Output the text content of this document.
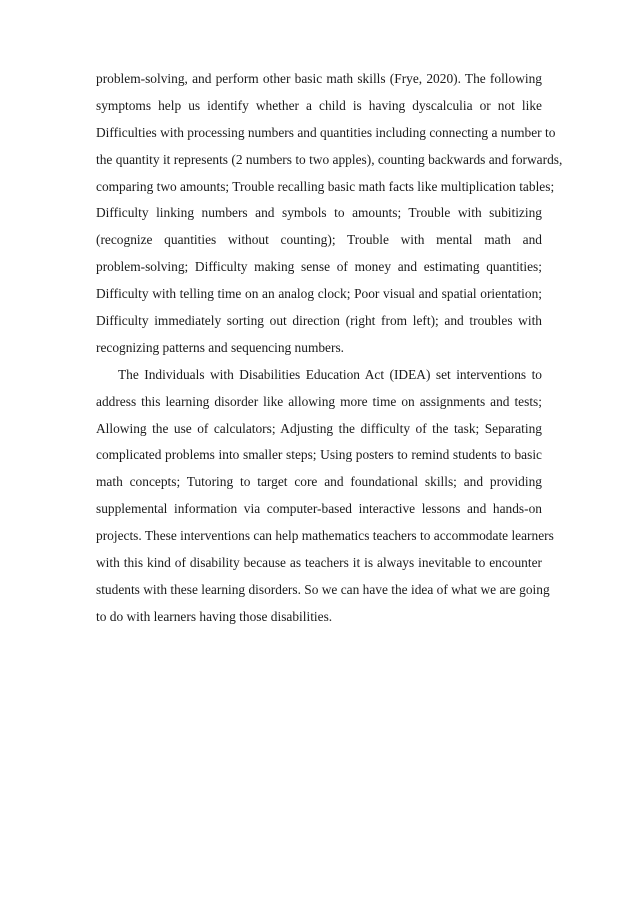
problem-solving, and perform other basic math skills (Frye, 2020). The following
symptoms help us identify whether a child is having dyscalculia or not like
Difficulties with processing numbers and quantities including connecting a number to
the quantity it represents (2 numbers to two apples), counting backwards and forwards,
comparing two amounts; Trouble recalling basic math facts like multiplication tables;
Difficulty linking numbers and symbols to amounts; Trouble with subitizing
(recognize quantities without counting); Trouble with mental math and
problem-solving; Difficulty making sense of money and estimating quantities;
Difficulty with telling time on an analog clock; Poor visual and spatial orientation;
Difficulty immediately sorting out direction (right from left); and troubles with
recognizing patterns and sequencing numbers.
The Individuals with Disabilities Education Act (IDEA) set interventions to
address this learning disorder like allowing more time on assignments and tests;
Allowing the use of calculators; Adjusting the difficulty of the task; Separating
complicated problems into smaller steps; Using posters to remind students to basic
math concepts; Tutoring to target core and foundational skills; and providing
supplemental information via computer-based interactive lessons and hands-on
projects. These interventions can help mathematics teachers to accommodate learners
with this kind of disability because as teachers it is always inevitable to encounter
students with these learning disorders. So we can have the idea of what we are going
to do with learners having those disabilities.
